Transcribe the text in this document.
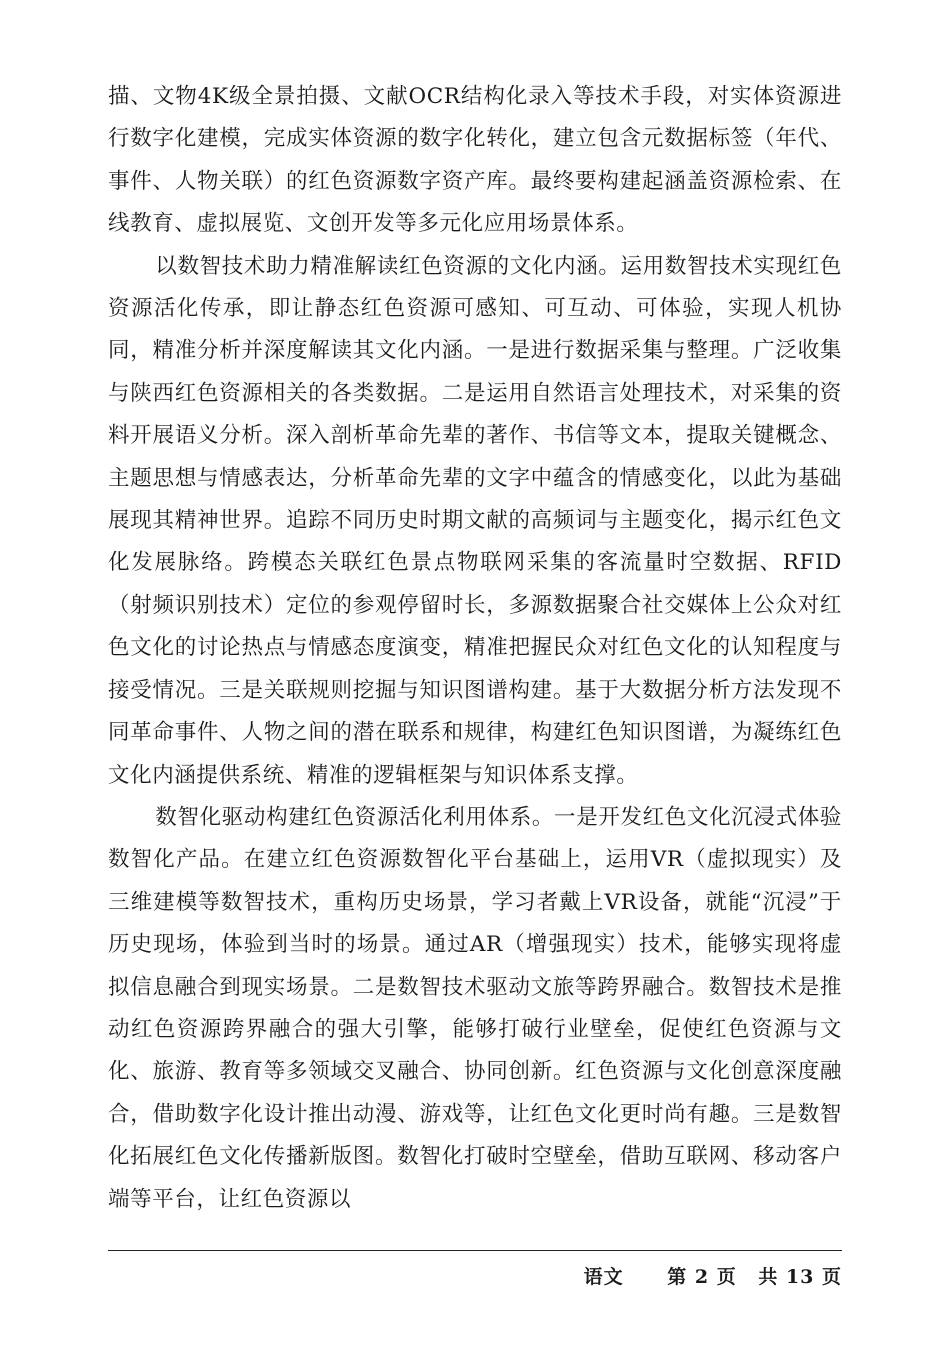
描、文物4K级全景拍摄、文献OCR结构化录入等技术手段，对实体资源进行数字化建模，完成实体资源的数字化转化，建立包含元数据标签（年代、事件、人物关联）的红色资源数字资产库。最终要构建起涵盖资源检索、在线教育、虚拟展览、文创开发等多元化应用场景体系。

以数智技术助力精准解读红色资源的文化内涵。运用数智技术实现红色资源活化传承，即让静态红色资源可感知、可互动、可体验，实现人机协同，精准分析并深度解读其文化内涵。一是进行数据采集与整理。广泛收集与陕西红色资源相关的各类数据。二是运用自然语言处理技术，对采集的资料开展语义分析。深入剖析革命先辈的著作、书信等文本，提取关键概念、主题思想与情感表达，分析革命先辈的文字中蕴含的情感变化，以此为基础展现其精神世界。追踪不同历史时期文献的高频词与主题变化，揭示红色文化发展脉络。跨模态关联红色景点物联网采集的客流量时空数据、RFID（射频识别技术）定位的参观停留时长，多源数据聚合社交媒体上公众对红色文化的讨论热点与情感态度演变，精准把握民众对红色文化的认知程度与接受情况。三是关联规则挖掘与知识图谱构建。基于大数据分析方法发现不同革命事件、人物之间的潜在联系和规律，构建红色知识图谱，为凝练红色文化内涵提供系统、精准的逻辑框架与知识体系支撑。

数智化驱动构建红色资源活化利用体系。一是开发红色文化沉浸式体验数智化产品。在建立红色资源数智化平台基础上，运用VR（虚拟现实）及三维建模等数智技术，重构历史场景，学习者戴上VR设备，就能“沉浸”于历史现场，体验到当时的场景。通过AR（增强现实）技术，能够实现将虚拟信息融合到现实场景。二是数智技术驱动文旅等跨界融合。数智技术是推动红色资源跨界融合的强大引擎，能够打破行业壁垒，促使红色资源与文化、旅游、教育等多领域交叉融合、协同创新。红色资源与文化创意深度融合，借助数字化设计推出动漫、游戏等，让红色文化更时尚有趣。三是数智化拓展红色文化传播新版图。数智化打破时空壁垒，借助互联网、移动客户端等平台，让红色资源以

语文 第 2 页 共 13 页
